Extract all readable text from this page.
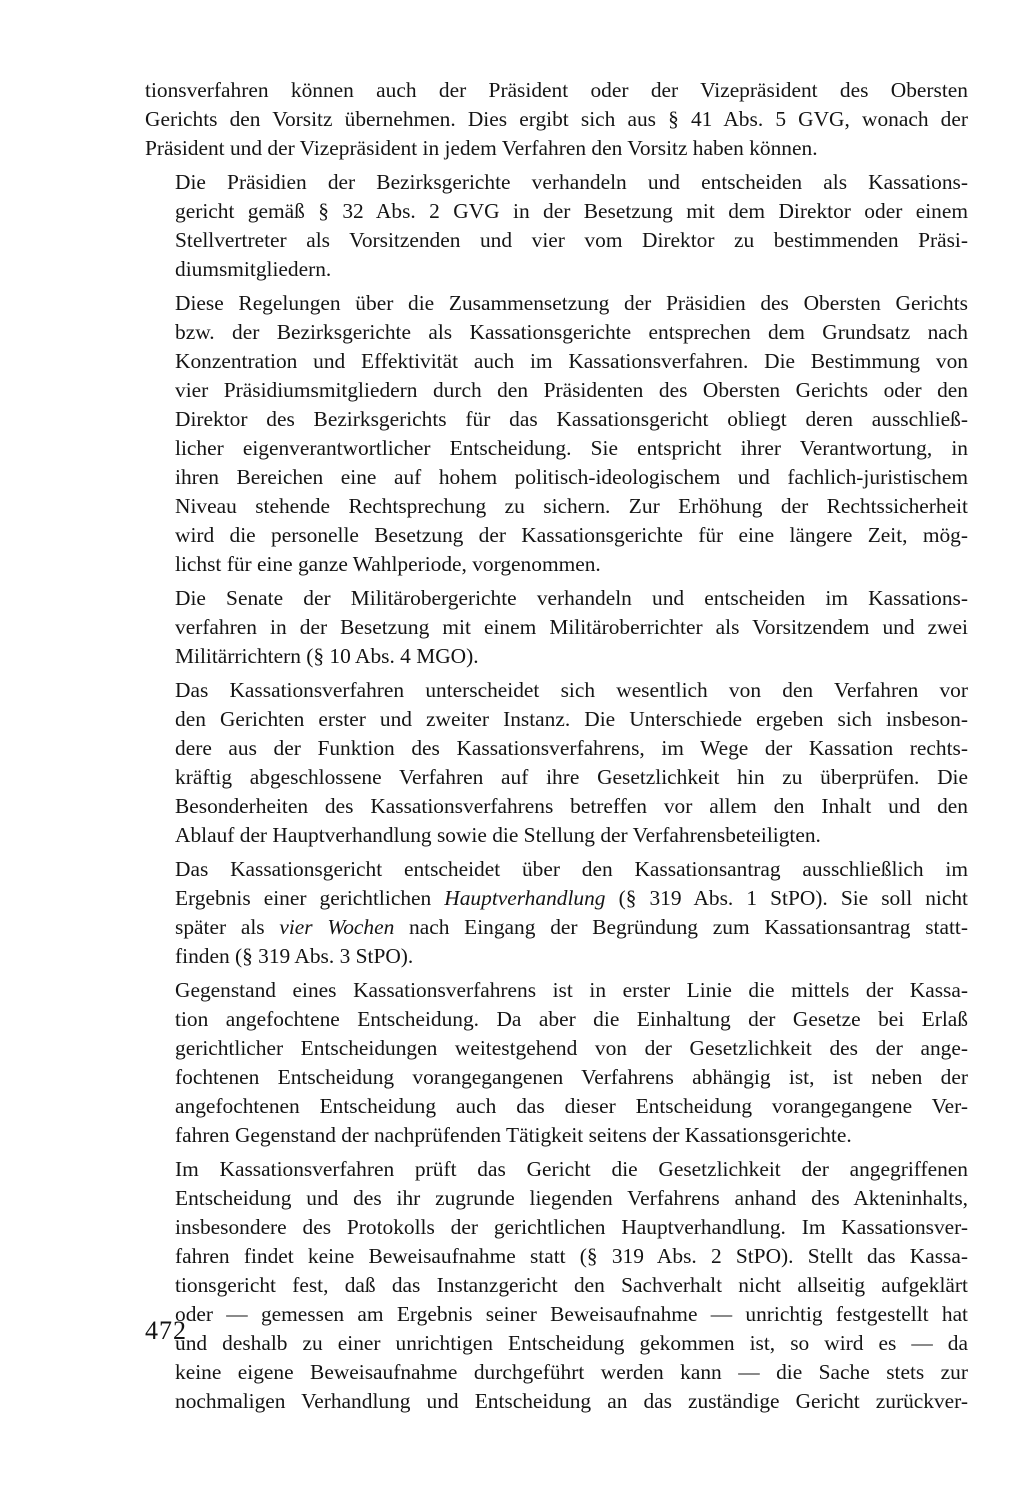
tionsverfahren können auch der Präsident oder der Vizepräsident des Obersten
Gerichts den Vorsitz übernehmen. Dies ergibt sich aus § 41 Abs. 5 GVG, wonach der
Präsident und der Vizepräsident in jedem Verfahren den Vorsitz haben können.
Die Präsidien der Bezirksgerichte verhandeln und entscheiden als Kassations-
gericht gemäß § 32 Abs. 2 GVG in der Besetzung mit dem Direktor oder einem
Stellvertreter als Vorsitzenden und vier vom Direktor zu bestimmenden Präsi-
diumsmitgliedern.
Diese Regelungen über die Zusammensetzung der Präsidien des Obersten Gerichts
bzw. der Bezirksgerichte als Kassationsgerichte entsprechen dem Grundsatz nach
Konzentration und Effektivität auch im Kassationsverfahren. Die Bestimmung von
vier Präsidiumsmitgliedern durch den Präsidenten des Obersten Gerichts oder den
Direktor des Bezirksgerichts für das Kassationsgericht obliegt deren ausschließ-
licher eigenverantwortlicher Entscheidung. Sie entspricht ihrer Verantwortung, in
ihren Bereichen eine auf hohem politisch-ideologischem und fachlich-juristischem
Niveau stehende Rechtsprechung zu sichern. Zur Erhöhung der Rechtssicherheit
wird die personelle Besetzung der Kassationsgerichte für eine längere Zeit, mög-
lichst für eine ganze Wahlperiode, vorgenommen.
Die Senate der Militärobergerichte verhandeln und entscheiden im Kassations-
verfahren in der Besetzung mit einem Militäroberrichter als Vorsitzendem und zwei
Militärrichtern (§ 10 Abs. 4 MGO).
Das Kassationsverfahren unterscheidet sich wesentlich von den Verfahren vor
den Gerichten erster und zweiter Instanz. Die Unterschiede ergeben sich insbeson-
dere aus der Funktion des Kassationsverfahrens, im Wege der Kassation rechts-
kräftig abgeschlossene Verfahren auf ihre Gesetzlichkeit hin zu überprüfen. Die
Besonderheiten des Kassationsverfahrens betreffen vor allem den Inhalt und den
Ablauf der Hauptverhandlung sowie die Stellung der Verfahrensbeteiligten.
Das Kassationsgericht entscheidet über den Kassationsantrag ausschließlich im
Ergebnis einer gerichtlichen Hauptverhandlung (§ 319 Abs. 1 StPO). Sie soll nicht
später als vier Wochen nach Eingang der Begründung zum Kassationsantrag statt-
finden (§ 319 Abs. 3 StPO).
Gegenstand eines Kassationsverfahrens ist in erster Linie die mittels der Kassa-
tion angefochtene Entscheidung. Da aber die Einhaltung der Gesetze bei Erlaß
gerichtlicher Entscheidungen weitestgehend von der Gesetzlichkeit des der ange-
fochtenen Entscheidung vorangegangenen Verfahrens abhängig ist, ist neben der
angefochtenen Entscheidung auch das dieser Entscheidung vorangegangene Ver-
fahren Gegenstand der nachprüfenden Tätigkeit seitens der Kassationsgerichte.
Im Kassationsverfahren prüft das Gericht die Gesetzlichkeit der angegriffenen
Entscheidung und des ihr zugrunde liegenden Verfahrens anhand des Akteninhalts,
insbesondere des Protokolls der gerichtlichen Hauptverhandlung. Im Kassationsver-
fahren findet keine Beweisaufnahme statt (§ 319 Abs. 2 StPO). Stellt das Kassa-
tionsgericht fest, daß das Instanzgericht den Sachverhalt nicht allseitig aufgeklärt
oder — gemessen am Ergebnis seiner Beweisaufnahme — unrichtig festgestellt hat
und deshalb zu einer unrichtigen Entscheidung gekommen ist, so wird es — da
keine eigene Beweisaufnahme durchgeführt werden kann — die Sache stets zur
nochmaligen Verhandlung und Entscheidung an das zuständige Gericht zurückver-
472
